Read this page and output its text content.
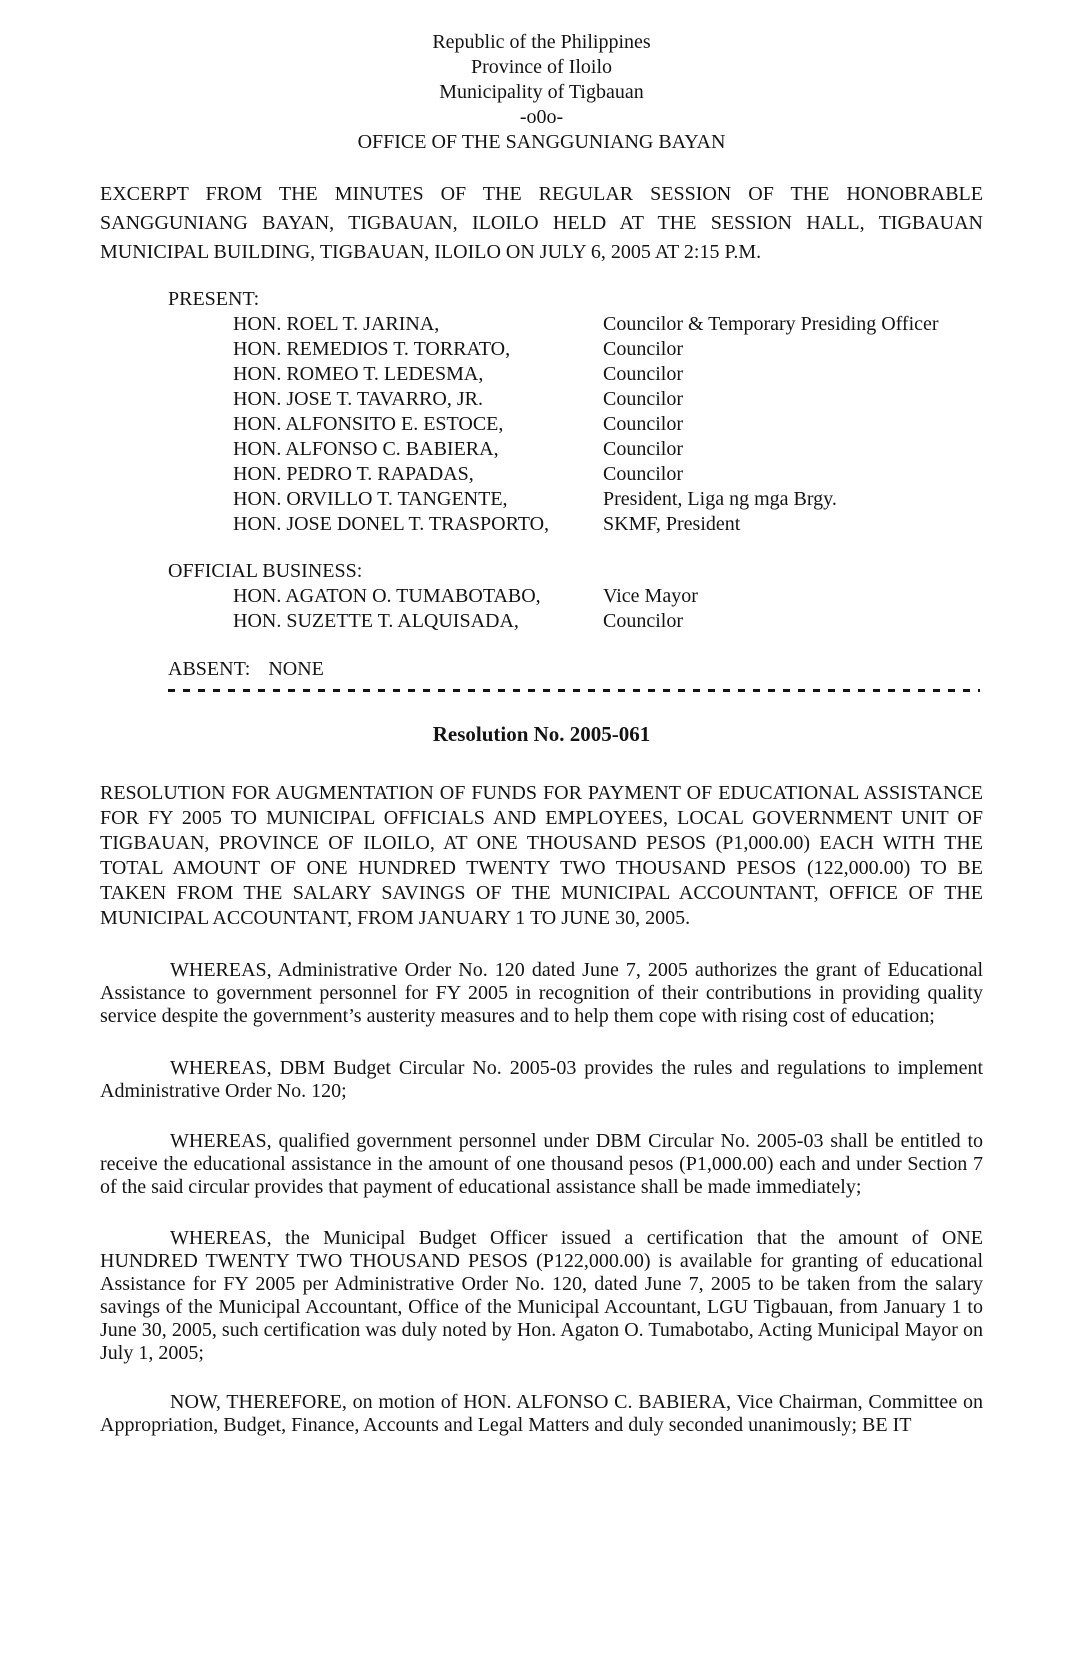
Republic of the Philippines
Province of Iloilo
Municipality of Tigbauan
-o0o-
OFFICE OF THE SANGGUNIANG BAYAN
EXCERPT FROM THE MINUTES OF THE REGULAR SESSION OF THE HONOBRABLE SANGGUNIANG BAYAN, TIGBAUAN, ILOILO HELD AT THE SESSION HALL, TIGBAUAN MUNICIPAL BUILDING, TIGBAUAN, ILOILO ON JULY 6, 2005 AT 2:15 P.M.
PRESENT:
HON. ROEL T. JARINA,	Councilor & Temporary Presiding Officer
HON. REMEDIOS T. TORRATO,	Councilor
HON. ROMEO T. LEDESMA,	Councilor
HON. JOSE T. TAVARRO, JR.	Councilor
HON. ALFONSITO E. ESTOCE,	Councilor
HON. ALFONSO C. BABIERA,	Councilor
HON. PEDRO T. RAPADAS,	Councilor
HON. ORVILLO T. TANGENTE,	President, Liga ng mga Brgy.
HON. JOSE DONEL T. TRASPORTO,	SKMF, President
OFFICIAL BUSINESS:
HON. AGATON O. TUMABOTABO,	Vice Mayor
HON. SUZETTE T. ALQUISADA,	Councilor
ABSENT: NONE
Resolution No. 2005-061
RESOLUTION FOR AUGMENTATION OF FUNDS FOR PAYMENT OF EDUCATIONAL ASSISTANCE FOR FY 2005 TO MUNICIPAL OFFICIALS AND EMPLOYEES, LOCAL GOVERNMENT UNIT OF TIGBAUAN, PROVINCE OF ILOILO, AT ONE THOUSAND PESOS (P1,000.00) EACH WITH THE TOTAL AMOUNT OF ONE HUNDRED TWENTY TWO THOUSAND PESOS (122,000.00) TO BE TAKEN FROM THE SALARY SAVINGS OF THE MUNICIPAL ACCOUNTANT, OFFICE OF THE MUNICIPAL ACCOUNTANT, FROM JANUARY 1 TO JUNE 30, 2005.
WHEREAS, Administrative Order No. 120 dated June 7, 2005 authorizes the grant of Educational Assistance to government personnel for FY 2005 in recognition of their contributions in providing quality service despite the government’s austerity measures and to help them cope with rising cost of education;
WHEREAS, DBM Budget Circular No. 2005-03 provides the rules and regulations to implement Administrative Order No. 120;
WHEREAS, qualified government personnel under DBM Circular No. 2005-03 shall be entitled to receive the educational assistance in the amount of one thousand pesos (P1,000.00) each and under Section 7 of the said circular provides that payment of educational assistance shall be made immediately;
WHEREAS, the Municipal Budget Officer issued a certification that the amount of ONE HUNDRED TWENTY TWO THOUSAND PESOS (P122,000.00) is available for granting of educational Assistance for FY 2005 per Administrative Order No. 120, dated June 7, 2005 to be taken from the salary savings of the Municipal Accountant, Office of the Municipal Accountant, LGU Tigbauan, from January 1 to June 30, 2005, such certification was duly noted by Hon. Agaton O. Tumabotabo, Acting Municipal Mayor on July 1, 2005;
NOW, THEREFORE, on motion of HON. ALFONSO C. BABIERA, Vice Chairman, Committee on Appropriation, Budget, Finance, Accounts and Legal Matters and duly seconded unanimously; BE IT
